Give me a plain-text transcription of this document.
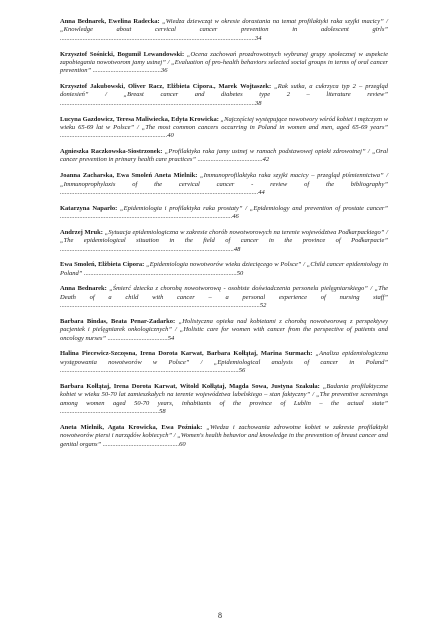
Anna Bednarek, Ewelina Radecka: „Wiedza dziewcząt w okresie dorastania na temat profilaktyki raka szyjki macicy” / „Knowledge about cervical cancer prevention in adolescent girls” ........................................................................................................................34

Krzysztof Sośnicki, Bogumił Lewandowski: „Ocena zachowań prozdrowotnych wybranej grupy społecznej w aspekcie zapobiegania nowotworom jamy ustnej” / „Evaluation of pro-health behaviors selected social groups in terms of oral cancer prevention” ..........................................36

Krzysztof Jakubowski, Oliver Racz, Elżbieta Cipora., Marek Wojtaszek: „Rak sutka, a cukrzyca typ 2 – przegląd doniesień” / „Breast cancer and diabetes type 2 – literature review” ........................................................................................................................38

Lucyna Gazdowicz, Teresa Maliwiecka, Edyta Krowicka: „Najczęściej występujące nowotwory wśród kobiet i mężczyzn w wieku 65-69 lat w Polsce” / „The most common cancers occurring in Poland in women and men, aged 65-69 years” ..................................................................40

Agnieszka Raczkowska-Siostrzonek: „Profilaktyka raka jamy ustnej w ramach podstawowej opieki zdrowotnej” / „Oral cancer prevention in primary health care practices” ........................................42

Joanna Zacharska, Ewa Smoleń Aneta Mielnik: „Immunoprofilaktyka raka szyjki macicy – przegląd piśmiennictwa” / „Immunoprophylaxis of the cervical cancer - review of the bibliography” ..........................................................................................................................44

Katarzyna Naparło: „Epidemiologia i profilaktyka raka prostaty” / „Epidemiology and prevention of prostate cancer” ..........................................................................................................46

Andrzej Mruk: „Sytuacja epidemiologiczna w zakresie chorób nowotworowych na terenie województwa Podkarpackiego” / „The epidemiological situation in the field of cancer in the province of Podkarpacie” ...........................................................................................................48

Ewa Smoleń, Elżbieta Cipora: „Epidemiologia nowotworów wieku dziecięcego w Polsce” / „Child cancer epidemiology in Poland” ..............................................................................................50

Anna Bednarek: „Śmierć dziecka z chorobą nowotworową - osobiste doświadczenia personelu pielęgniarskiego” / „The Death of a child with cancer – a personal experience of nursing staff” ...........................................................................................................................52

Barbara Bindas, Beata Penar-Zadarko: „Holistyczna opieka nad kobietami z chorobą nowotworową z perspektywy pacjentek i pielęgniarek onkologicznych” / „Holistic care for women with cancer from the perspective of patients and oncology nurses” .....................................54

Halina Piecewicz-Szczęsna, Irena Dorota Karwat, Barbara Kołłątaj, Marina Surmach: „Analiza epidemiologiczna występowania nowotworów w Polsce” / „Epidemiological analysis of cancer in Poland” ..............................................................................................................56

Barbara Kołłątaj, Irena Dorota Karwat, Witold Kołłątaj, Magda Sowa, Justyna Szakuła: „Badania profilaktyczne kobiet w wieku 50-70 lat zamieszkałych na terenie województwa lubelskiego – stan faktyczny” / „The preventive screenings among women aged 50-70 years, inhabitants of the province of Lublin – the actual state” .............................................................58

Aneta Mielnik, Agata Krowicka, Ewa Poźniak: „Wiedza i zachowania zdrowotne kobiet w zakresie profilaktyki nowotworów piersi i narządów kobiecych” / „Women's health behavior and knowledge in the prevention of breast cancer and genital organs” ...............................................60

8
